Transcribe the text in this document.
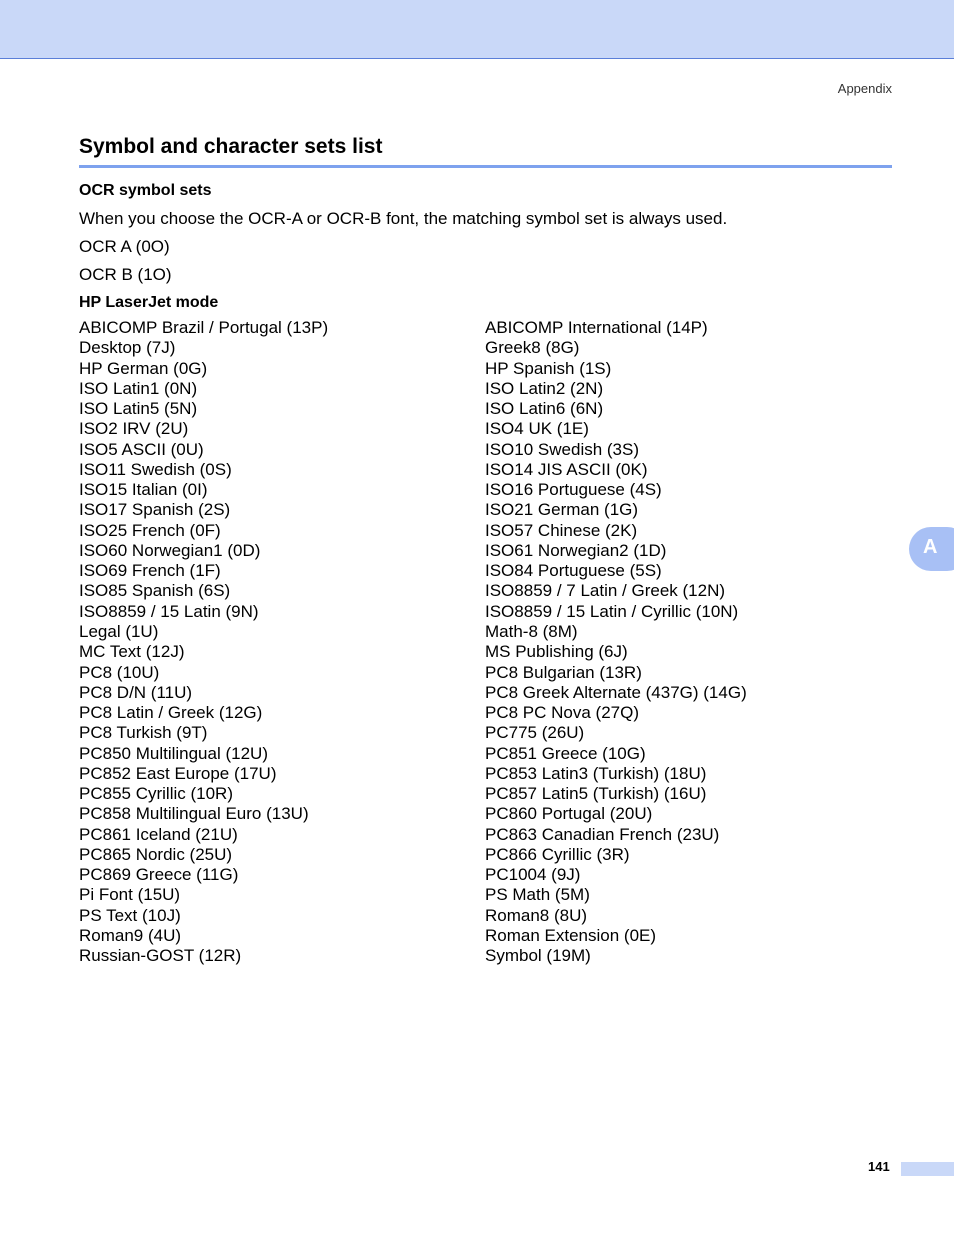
Appendix
Symbol and character sets list
OCR symbol sets

When you choose the OCR-A or OCR-B font, the matching symbol set is always used.

OCR A (0O)

OCR B (1O)

HP LaserJet mode
ABICOMP Brazil / Portugal (13P)
Desktop (7J)
HP German (0G)
ISO Latin1 (0N)
ISO Latin5 (5N)
ISO2 IRV (2U)
ISO5 ASCII (0U)
ISO11 Swedish (0S)
ISO15 Italian (0I)
ISO17 Spanish (2S)
ISO25 French (0F)
ISO60 Norwegian1 (0D)
ISO69 French (1F)
ISO85 Spanish (6S)
ISO8859 / 15 Latin (9N)
Legal (1U)
MC Text (12J)
PC8 (10U)
PC8 D/N (11U)
PC8 Latin / Greek (12G)
PC8 Turkish (9T)
PC850 Multilingual (12U)
PC852 East Europe (17U)
PC855 Cyrillic (10R)
PC858 Multilingual Euro (13U)
PC861 Iceland (21U)
PC865 Nordic (25U)
PC869 Greece (11G)
Pi Font (15U)
PS Text (10J)
Roman9 (4U)
Russian-GOST (12R)
ABICOMP International (14P)
Greek8 (8G)
HP Spanish (1S)
ISO Latin2 (2N)
ISO Latin6 (6N)
ISO4 UK (1E)
ISO10 Swedish (3S)
ISO14 JIS ASCII (0K)
ISO16 Portuguese (4S)
ISO21 German (1G)
ISO57 Chinese (2K)
ISO61 Norwegian2 (1D)
ISO84 Portuguese (5S)
ISO8859 / 7 Latin / Greek (12N)
ISO8859 / 15 Latin / Cyrillic (10N)
Math-8 (8M)
MS Publishing (6J)
PC8 Bulgarian (13R)
PC8 Greek Alternate (437G) (14G)
PC8 PC Nova (27Q)
PC775 (26U)
PC851 Greece (10G)
PC853 Latin3 (Turkish) (18U)
PC857 Latin5 (Turkish) (16U)
PC860 Portugal (20U)
PC863 Canadian French (23U)
PC866 Cyrillic (3R)
PC1004 (9J)
PS Math (5M)
Roman8 (8U)
Roman Extension (0E)
Symbol (19M)
A
141
